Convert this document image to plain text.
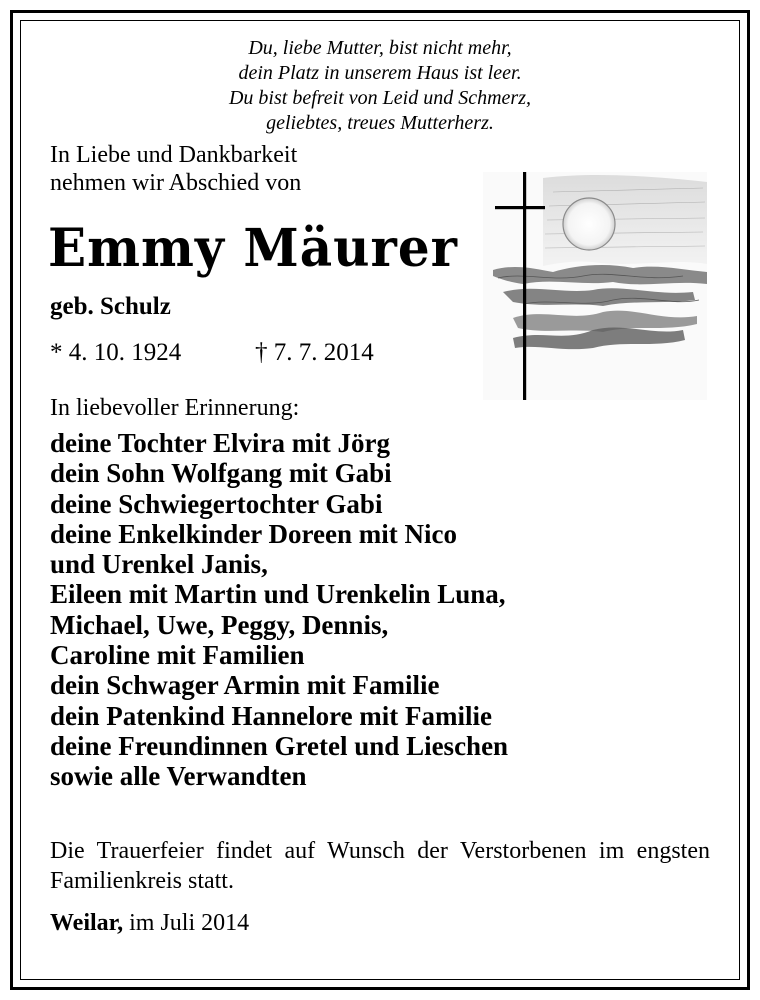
Du, liebe Mutter, bist nicht mehr,
dein Platz in unserem Haus ist leer.
Du bist befreit von Leid und Schmerz,
geliebtes, treues Mutterherz.
In Liebe und Dankbarkeit
nehmen wir Abschied von
Emmy Mäurer
geb. Schulz
* 4. 10. 1924	† 7. 7. 2014
In liebevoller Erinnerung:
deine Tochter Elvira mit Jörg
dein Sohn Wolfgang mit Gabi
deine Schwiegertochter Gabi
deine Enkelkinder Doreen mit Nico
und Urenkel Janis,
Eileen mit Martin und Urenkelin Luna,
Michael, Uwe, Peggy, Dennis,
Caroline mit Familien
dein Schwager Armin mit Familie
dein Patenkind Hannelore mit Familie
deine Freundinnen Gretel und Lieschen
sowie alle Verwandten
Die Trauerfeier findet auf Wunsch der Verstorbenen im engsten Familienkreis statt.
Weilar, im Juli 2014
